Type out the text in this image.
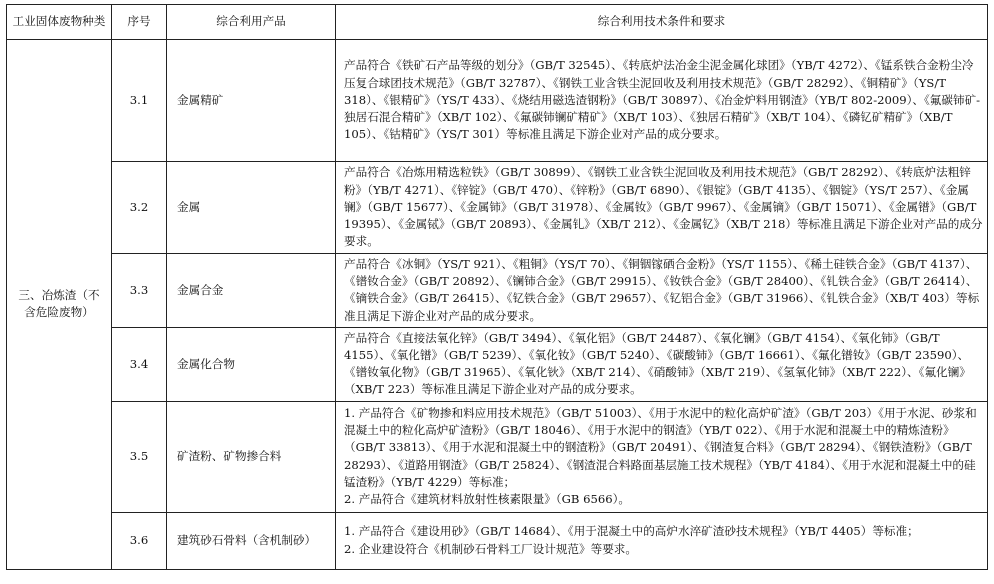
工业固体废物种类	序号	综合利用产品	综合利用技术条件和要求
三、冶炼渣（不含危险废物）	3.1	金属精矿	产品符合《铁矿石产品等级的划分》（GB/T 32545）、《转底炉法冶金尘泥金属化球团》（YB/T 4272）、《锰系铁合金粉尘冷压复合球团技术规范》（GB/T 32787）、《钢铁工业含铁尘泥回收及利用技术规范》（GB/T 28292）、《铜精矿》（YS/T 318）、《银精矿》（YS/T 433）、《烧结用磁选渣钢粉》（GB/T 30897）、《冶金炉料用钢渣》（YB/T 802-2009）、《氟碳铈矿-独居石混合精矿》（XB/T 102）、《氟碳铈镧矿精矿》（XB/T 103）、《独居石精矿》（XB/T 104）、《磷钇矿精矿》（XB/T 105）、《钴精矿》（YS/T 301）等标准且满足下游企业对产品的成分要求。

	3.2	金属	产品符合《冶炼用精选粒铁》（GB/T 30899）、《钢铁工业含铁尘泥回收及利用技术规范》（GB/T 28292）、《转底炉法粗锌粉》（YB/T 4271）、《锌锭》（GB/T 470）、《锌粉》（GB/T 6890）、《银锭》（GB/T 4135）、《铟锭》（YS/T 257）、《金属镧》（GB/T 15677）、《金属铈》（GB/T 31978）、《金属钕》（GB/T 9967）、《金属镝》（GB/T 15071）、《金属镨》（GB/T 19395）、《金属铽》（GB/T 20893）、《金属钆》（XB/T 212）、《金属钇》（XB/T 218）等标准且满足下游企业对产品的成分要求。

	3.3	金属合金	产品符合《冰铜》（YS/T 921）、《粗铜》（YS/T 70）、《铜铟镓硒合金粉》（YS/T 1155）、《稀土硅铁合金》（GB/T 4137）、《镨钕合金》（GB/T 20892）、《镧铈合金》（GB/T 29915）、《钕铁合金》（GB/T 28400）、《钆铁合金》（GB/T 26414）、《镝铁合金》（GB/T 26415）、《钇铁合金》（GB/T 29657）、《钇铝合金》（GB/T 31966）、《钆铁合金》（XB/T 403）等标准且满足下游企业对产品的成分要求。

	3.4	金属化合物	产品符合《直接法氧化锌》（GB/T 3494）、《氧化铝》（GB/T 24487）、《氧化镧》（GB/T 4154）、《氧化铈》（GB/T 4155）、《氧化镨》（GB/T 5239）、《氧化钕》（GB/T 5240）、《碳酸铈》（GB/T 16661）、《氟化镨钕》（GB/T 23590）、《镨钕氧化物》（GB/T 31965）、《氧化钬》（XB/T 214）、《硝酸铈》（XB/T 219）、《氢氧化铈》（XB/T 222）、《氟化镧》（XB/T 223）等标准且满足下游企业对产品的成分要求。

	3.5	矿渣粉、矿物掺合料	1. 产品符合《矿物掺和料应用技术规范》（GB/T 51003）、《用于水泥中的粒化高炉矿渣》（GB/T 203）《用于水泥、砂浆和混凝土中的粒化高炉矿渣粉》（GB/T 18046）、《用于水泥中的钢渣》（YB/T 022）、《用于水泥和混凝土中的精炼渣粉》（GB/T 33813）、《用于水泥和混凝土中的钢渣粉》（GB/T 20491）、《钢渣复合料》（GB/T 28294）、《钢铁渣粉》（GB/T 28293）、《道路用钢渣》（GB/T 25824）、《钢渣混合料路面基层施工技术规程》（YB/T 4184）、《用于水泥和混凝土中的硅锰渣粉》（YB/T 4229）等标准；
2. 产品符合《建筑材料放射性核素限量》（GB 6566）。

	3.6	建筑砂石骨料（含机制砂）	1. 产品符合《建设用砂》（GB/T 14684）、《用于混凝土中的高炉水淬矿渣砂技术规程》（YB/T 4405）等标准；
2. 企业建设符合《机制砂石骨料工厂设计规范》等要求。
